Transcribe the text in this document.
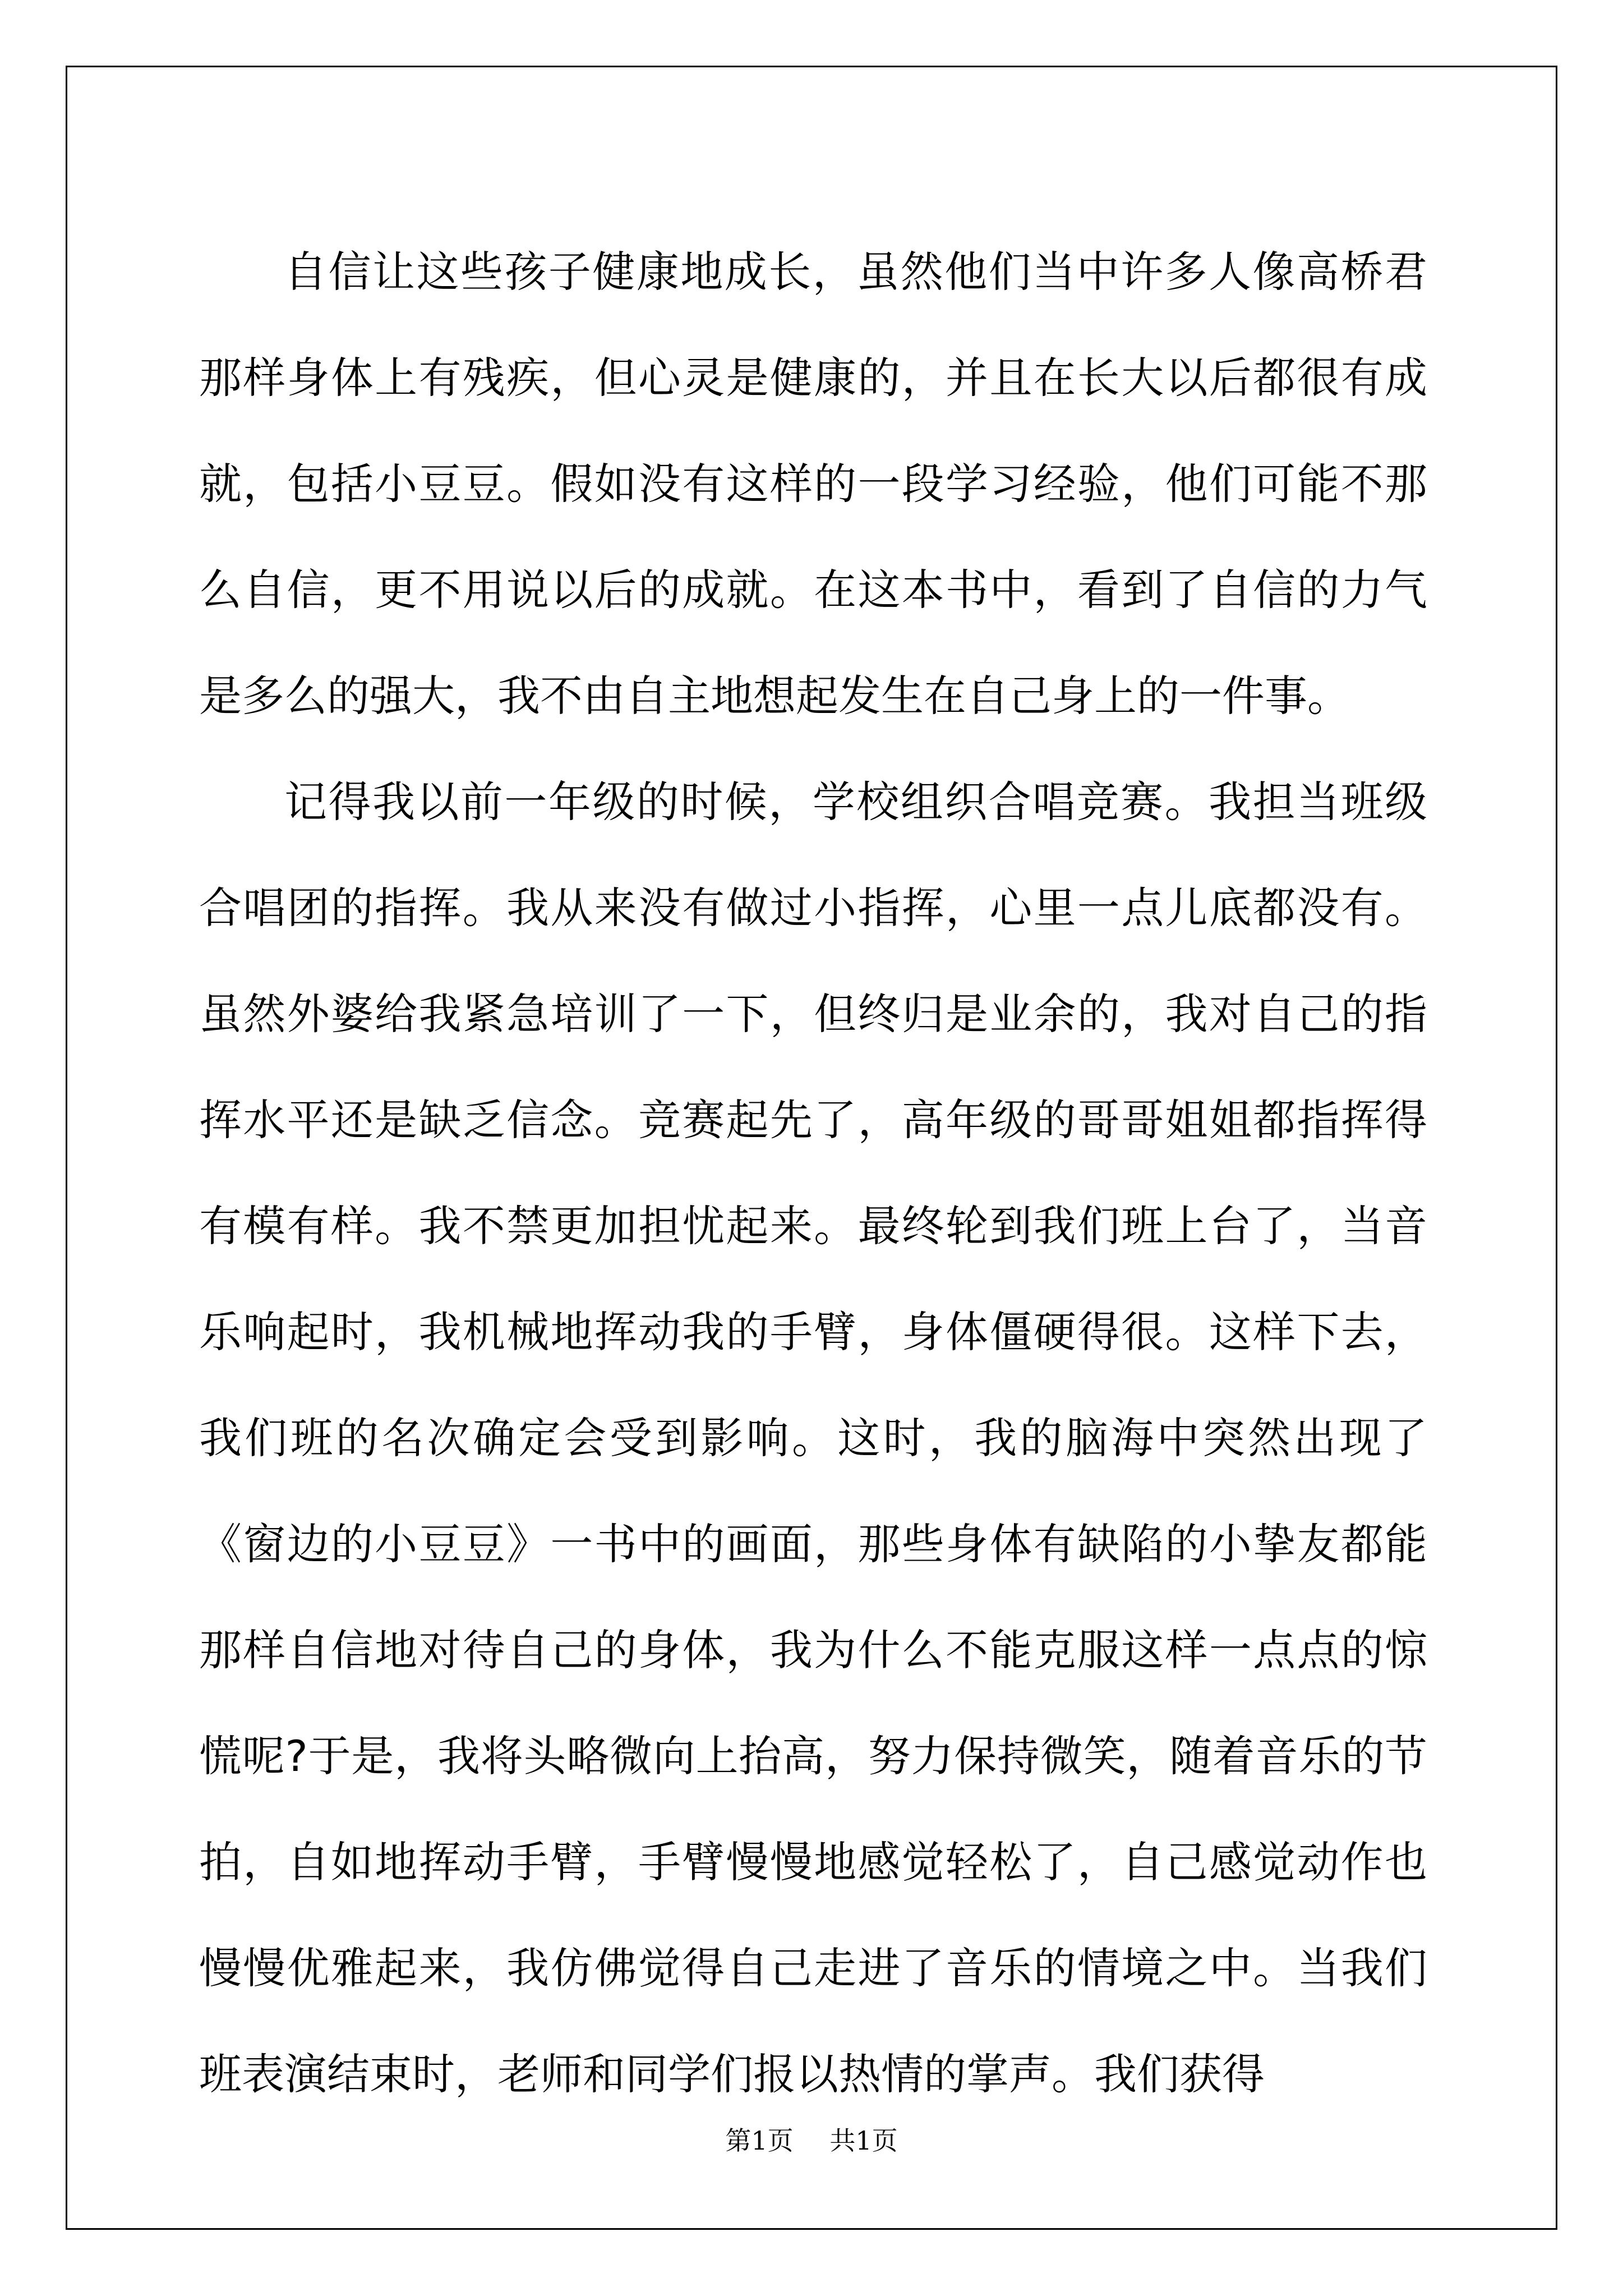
自信让这些孩子健康地成长，虽然他们当中许多人像高桥君那样身体上有残疾，但心灵是健康的，并且在长大以后都很有成就，包括小豆豆。假如没有这样的一段学习经验，他们可能不那么自信，更不用说以后的成就。在这本书中，看到了自信的力气是多么的强大，我不由自主地想起发生在自己身上的一件事。

记得我以前一年级的时候，学校组织合唱竞赛。我担当班级合唱团的指挥。我从来没有做过小指挥，心里一点儿底都没有。虽然外婆给我紧急培训了一下，但终归是业余的，我对自己的指挥水平还是缺乏信念。竞赛起先了，高年级的哥哥姐姐都指挥得有模有样。我不禁更加担忧起来。最终轮到我们班上台了，当音乐响起时，我机械地挥动我的手臂，身体僵硬得很。这样下去，我们班的名次确定会受到影响。这时，我的脑海中突然出现了《窗边的小豆豆》一书中的画面，那些身体有缺陷的小挚友都能那样自信地对待自己的身体，我为什么不能克服这样一点点的惊慌呢?于是，我将头略微向上抬高，努力保持微笑，随着音乐的节拍，自如地挥动手臂，手臂慢慢地感觉轻松了，自己感觉动作也慢慢优雅起来，我仿佛觉得自己走进了音乐的情境之中。当我们班表演结束时，老师和同学们报以热情的掌声。我们获得

第1页 共1页
